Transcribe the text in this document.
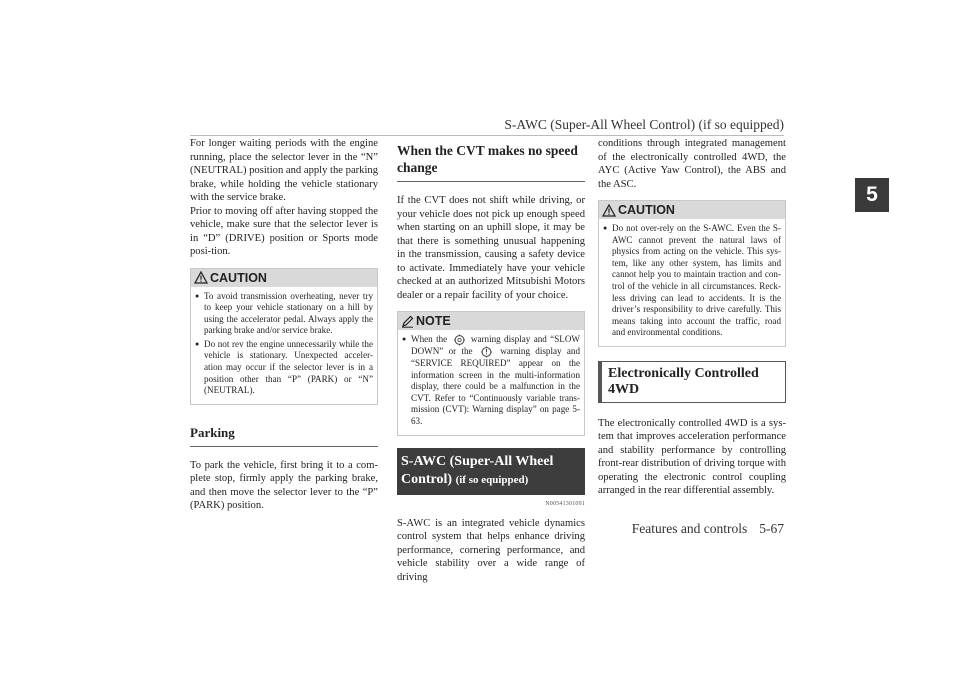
S-AWC (Super-All Wheel Control) (if so equipped)
5

For longer waiting periods with the engine running, place the selector lever in the “N” (NEUTRAL) position and apply the parking brake, while holding the vehicle stationary with the service brake.

Prior to moving off after having stopped the vehicle, make sure that the selector lever is in “D” (DRIVE) position or Sports mode posi-tion.

CAUTION
● To avoid transmission overheating, never try to keep your vehicle stationary on a hill by using the accelerator pedal. Always apply the parking brake and/or service brake.
● Do not rev the engine unnecessarily while the vehicle is stationary. Unexpected acceler-ation may occur if the selector lever is in a position other than “P” (PARK) or “N” (NEUTRAL).
Parking

To park the vehicle, first bring it to a com-plete stop, firmly apply the parking brake, and then move the selector lever to the “P” (PARK) position.

When the CVT makes no speed change

If the CVT does not shift while driving, or your vehicle does not pick up enough speed when starting on an uphill slope, it may be that there is something unusual happening in the transmission, causing a safety device to activate. Immediately have your vehicle checked at an authorized Mitsubishi Motors dealer or a repair facility of your choice.

NOTE
● When the	warning display and “SLOW DOWN” or the	warning display and “SERVICE REQUIRED” appear on the information screen in the multi-information display, there could be a malfunction in the CVT. Refer to “Continuously variable trans-mission (CVT): Warning display” on page 5-63.
S-AWC (Super-All Wheel Control) (if so equipped)
N00541301091

S-AWC is an integrated vehicle dynamics control system that helps enhance driving performance, cornering performance, and vehicle stability over a wide range of driving

conditions through integrated management of the electronically controlled 4WD, the AYC (Active Yaw Control), the ABS and the ASC.

CAUTION
● Do not over-rely on the S-AWC. Even the S-AWC cannot prevent the natural laws of physics from acting on the vehicle. This sys-tem, like any other system, has limits and cannot help you to maintain traction and con-trol of the vehicle in all circumstances. Reck-less driving can lead to accidents. It is the driver’s responsibility to drive carefully. This means taking into account the traffic, road and environmental conditions.
Electronically Controlled 4WD

The electronically controlled 4WD is a sys-tem that improves acceleration performance and stability performance by controlling front-rear distribution of driving torque with operating the electronic control coupling arranged in the rear differential assembly.

Features and controls 5-67
